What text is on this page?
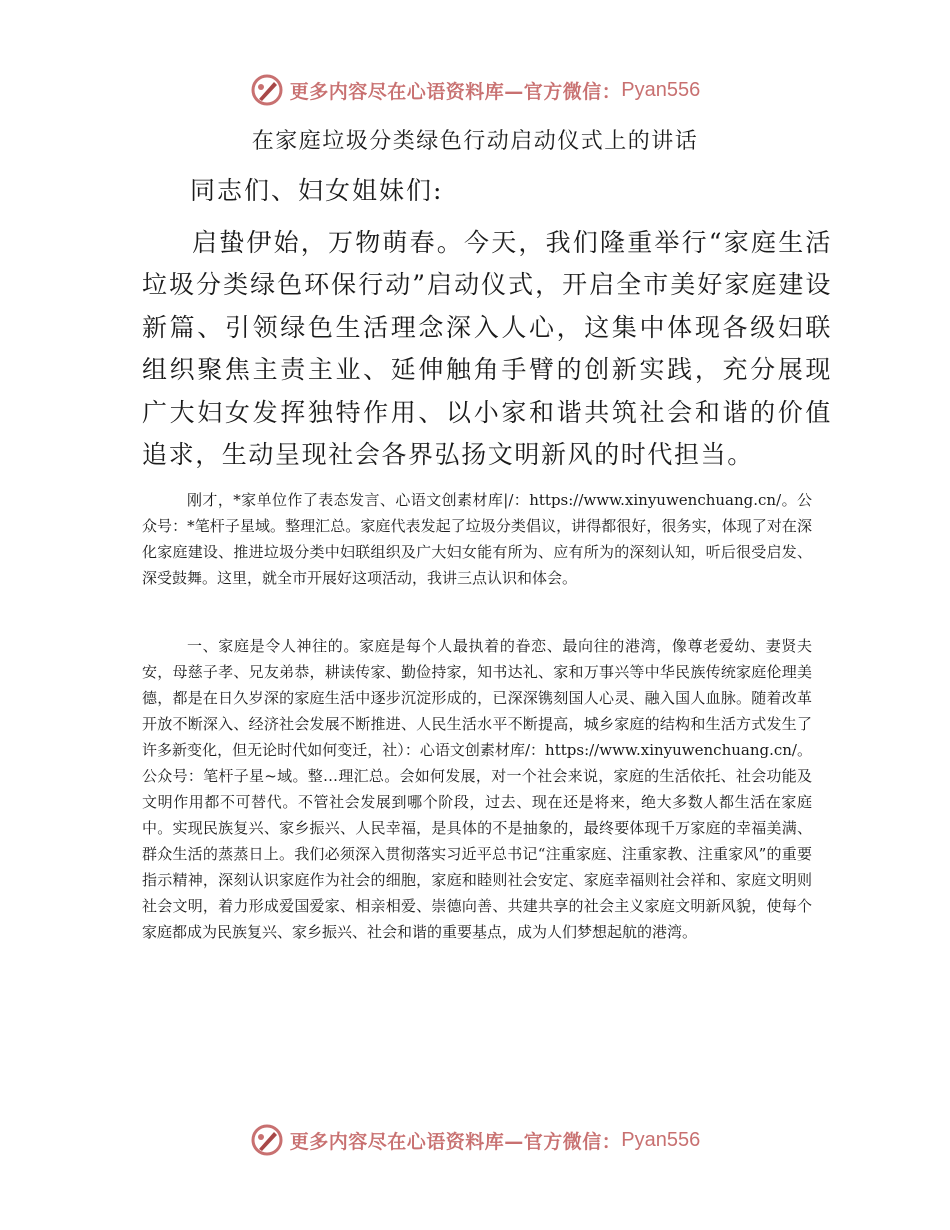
更多内容尽在心语资料库—官方微信： Pyan556
在家庭垃圾分类绿色行动启动仪式上的讲话

同志们、妇女姐妹们:

启蛰伊始，万物萌春。今天，我们隆重举行“家庭生活垃圾分类绿色环保行动”启动仪式，开启全市美好家庭建设新篇、引领绿色生活理念深入人心，这集中体现各级妇联组织聚焦主责主业、延伸触角手臂的创新实践，充分展现广大妇女发挥独特作用、以小家和谐共筑社会和谐的价值追求，生动呈现社会各界弘扬文明新风的时代担当。

刚才，*家单位作了表态发言、心语文创素材库|/：https://www.xinyuwenchuang.cn/。公众号：*笔杆子星域。整理汇总。家庭代表发起了垃圾分类倡议，讲得都很好，很务实，体现了对在深化家庭建设、推进垃圾分类中妇联组织及广大妇女能有所为、应有所为的深刻认知，听后很受启发、深受鼓舞。这里，就全市开展好这项活动，我讲三点认识和体会。

一、家庭是令人神往的。家庭是每个人最执着的眷恋、最向往的港湾，像尊老爱幼、妻贤夫安，母慈子孝、兄友弟恭，耕读传家、勤俭持家，知书达礼、家和万事兴等中华民族传统家庭伦理美德，都是在日久岁深的家庭生活中逐步沉淀形成的，已深深镌刻国人心灵、融入国人血脉。随着改革开放不断深入、经济社会发展不断推进、人民生活水平不断提高，城乡家庭的结构和生活方式发生了许多新变化，但无论时代如何变迁，社）：心语文创素材库/：https://www.xinyuwenchuang.cn/。公众号：笔杆子星~域。整…理汇总。会如何发展，对一个社会来说，家庭的生活依托、社会功能及文明作用都不可替代。不管社会发展到哪个阶段，过去、现在还是将来，绝大多数人都生活在家庭中。实现民族复兴、家乡振兴、人民幸福，是具体的不是抽象的，最终要体现千万家庭的幸福美满、群众生活的蒸蒸日上。我们必须深入贯彻落实习近平总书记“注重家庭、注重家教、注重家风”的重要指示精神，深刻认识家庭作为社会的细胞，家庭和睦则社会安定、家庭幸福则社会祥和、家庭文明则社会文明，着力形成爱国爱家、相亲相爱、崇德向善、共建共享的社会主义家庭文明新风貌，使每个家庭都成为民族复兴、家乡振兴、社会和谐的重要基点，成为人们梦想起航的港湾。

更多内容尽在心语资料库—官方微信： Pyan556
